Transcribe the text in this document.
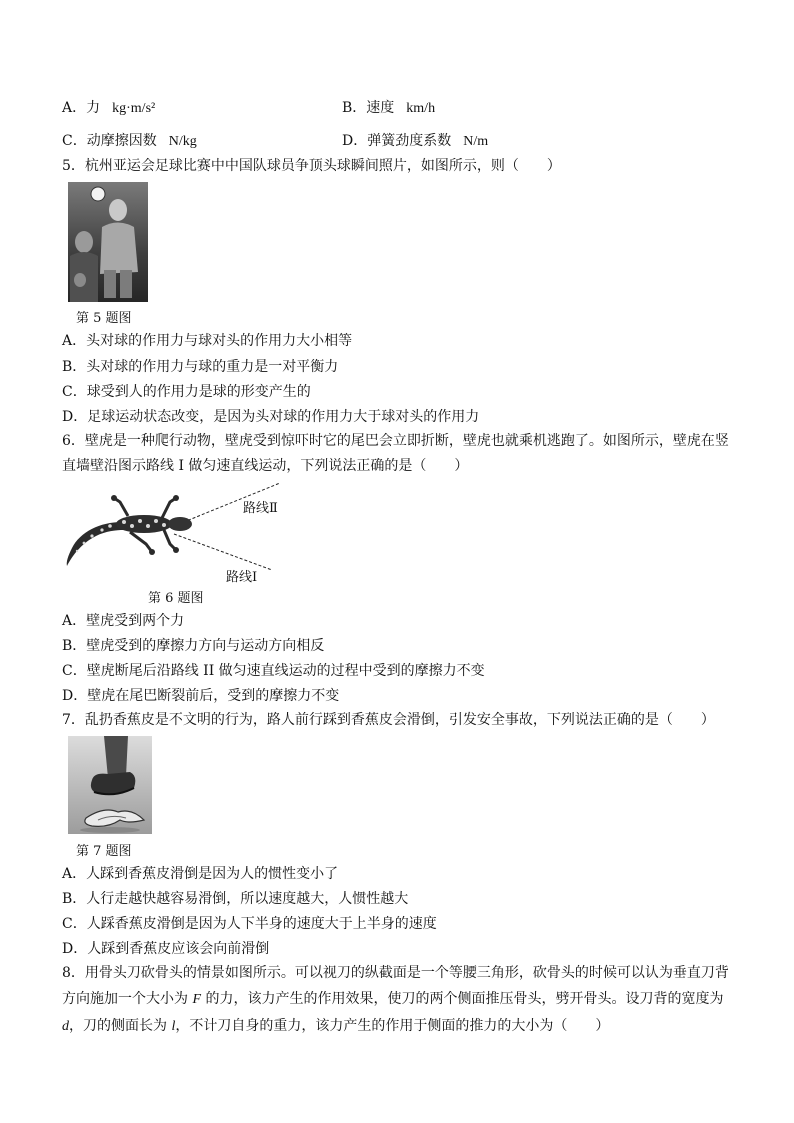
A．力 kg·m/s²	B．速度 km/h
C．动摩擦因数 N/kg	D．弹簧劲度系数 N/m
5．杭州亚运会足球比赛中中国队球员争顶头球瞬间照片，如图所示，则（　　）
第 5 题图
A．头对球的作用力与球对头的作用力大小相等
B．头对球的作用力与球的重力是一对平衡力
C．球受到人的作用力是球的形变产生的
D．足球运动状态改变，是因为头对球的作用力大于球对头的作用力
6．壁虎是一种爬行动物，壁虎受到惊吓时它的尾巴会立即折断，壁虎也就乘机逃跑了。如图所示，壁虎在竖
直墙壁沿图示路线 I 做匀速直线运动，下列说法正确的是（　　）
路线Ⅱ
路线Ⅰ
第 6 题图
A．壁虎受到两个力
B．壁虎受到的摩擦力方向与运动方向相反
C．壁虎断尾后沿路线 II 做匀速直线运动的过程中受到的摩擦力不变
D．壁虎在尾巴断裂前后，受到的摩擦力不变
7．乱扔香蕉皮是不文明的行为，路人前行踩到香蕉皮会滑倒，引发安全事故，下列说法正确的是（　　）
第 7 题图
A．人踩到香蕉皮滑倒是因为人的惯性变小了
B．人行走越快越容易滑倒，所以速度越大，人惯性越大
C．人踩香蕉皮滑倒是因为人下半身的速度大于上半身的速度
D．人踩到香蕉皮应该会向前滑倒
8．用骨头刀砍骨头的情景如图所示。可以视刀的纵截面是一个等腰三角形，砍骨头的时候可以认为垂直刀背方向施加一个大小为 F 的力，该力产生的作用效果，使刀的两个侧面推压骨头，劈开骨头。设刀背的宽度为 d，刀的侧面长为 l，不计刀自身的重力，该力产生的作用于侧面的推力的大小为（　　）
